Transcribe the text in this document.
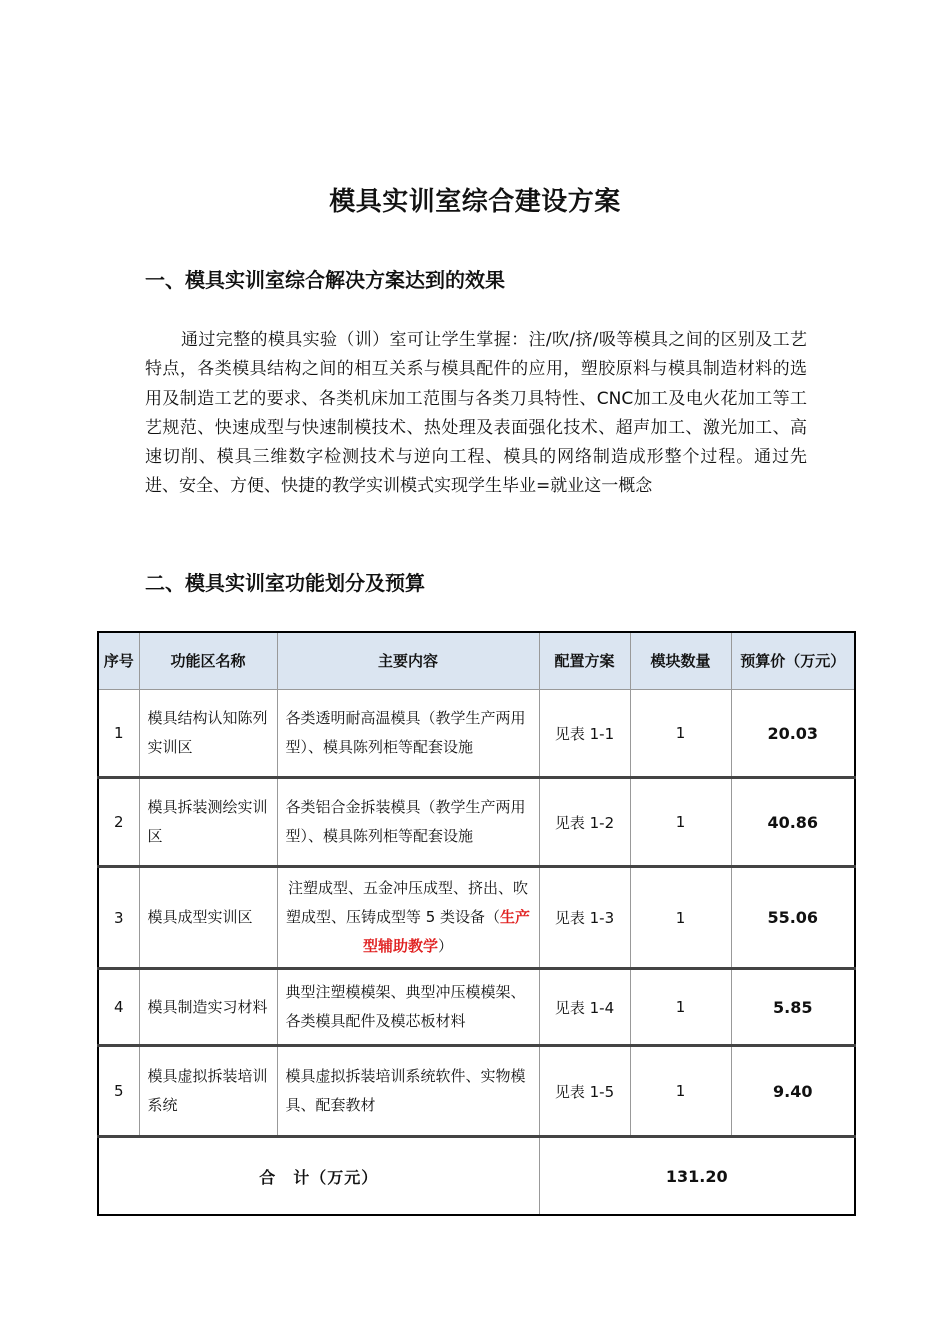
模具实训室综合建设方案
一、模具实训室综合解决方案达到的效果

通过完整的模具实验（训）室可让学生掌握：注/吹/挤/吸等模具之间的区别及工艺特点，各类模具结构之间的相互关系与模具配件的应用，塑胶原料与模具制造材料的选用及制造工艺的要求、各类机床加工范围与各类刀具特性、CNC加工及电火花加工等工艺规范、快速成型与快速制模技术、热处理及表面强化技术、超声加工、激光加工、高速切削、模具三维数字检测技术与逆向工程、模具的网络制造成形整个过程。通过先进、安全、方便、快捷的教学实训模式实现学生毕业=就业这一概念

二、模具实训室功能划分及预算
序号	功能区名称	主要内容	配置方案	模块数量	预算价（万元）
1	模具结构认知陈列实训区	各类透明耐高温模具（教学生产两用型）、模具陈列柜等配套设施	见表 1-1	1	20.03
2	模具拆装测绘实训区	各类铝合金拆装模具（教学生产两用型）、模具陈列柜等配套设施	见表 1-2	1	40.86
3	模具成型实训区	注塑成型、五金冲压成型、挤出、吹塑成型、压铸成型等 5 类设备（生产型辅助教学）	见表 1-3	1	55.06
4	模具制造实习材料	典型注塑模模架、典型冲压模模架、各类模具配件及模芯板材料	见表 1-4	1	5.85
5	模具虚拟拆装培训系统	模具虚拟拆装培训系统软件、实物模具、配套教材	见表 1-5	1	9.40
合　计（万元）			131.20		
